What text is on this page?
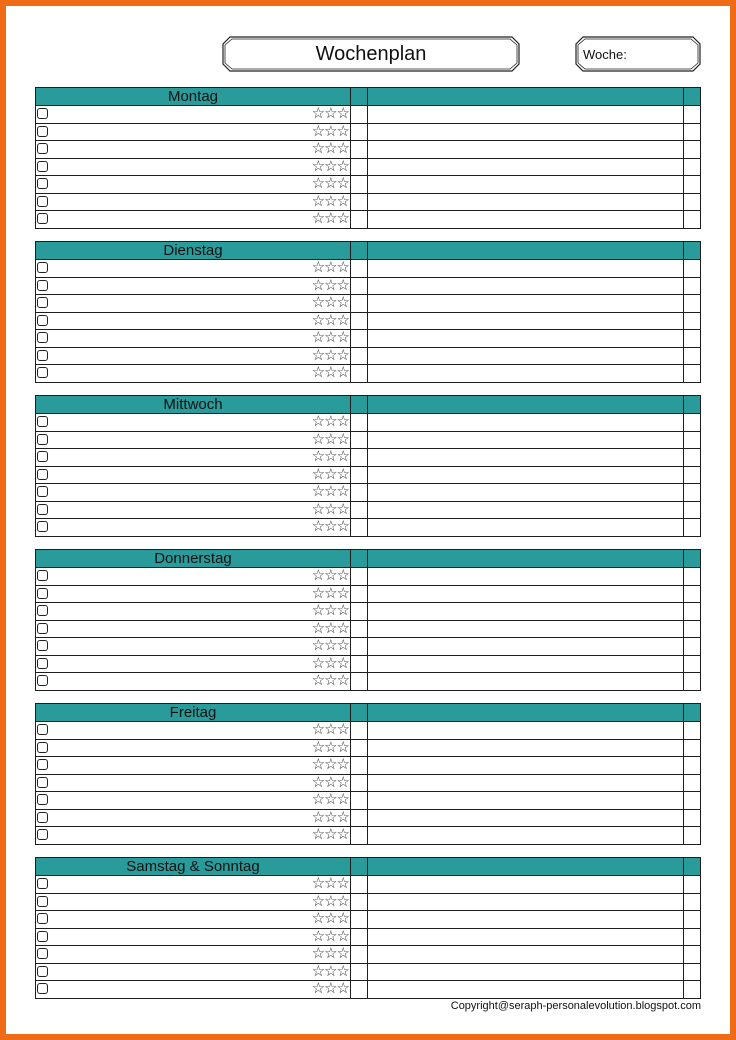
Wochenplan	Woche:
Montag
☆☆☆
☆☆☆
☆☆☆
☆☆☆
☆☆☆
☆☆☆
☆☆☆
Dienstag
☆☆☆
☆☆☆
☆☆☆
☆☆☆
☆☆☆
☆☆☆
☆☆☆
Mittwoch
☆☆☆
☆☆☆
☆☆☆
☆☆☆
☆☆☆
☆☆☆
☆☆☆
Donnerstag
☆☆☆
☆☆☆
☆☆☆
☆☆☆
☆☆☆
☆☆☆
☆☆☆
Freitag
☆☆☆
☆☆☆
☆☆☆
☆☆☆
☆☆☆
☆☆☆
☆☆☆
Samstag & Sonntag
☆☆☆
☆☆☆
☆☆☆
☆☆☆
☆☆☆
☆☆☆
☆☆☆
Copyright@seraph-personalevolution.blogspot.com
